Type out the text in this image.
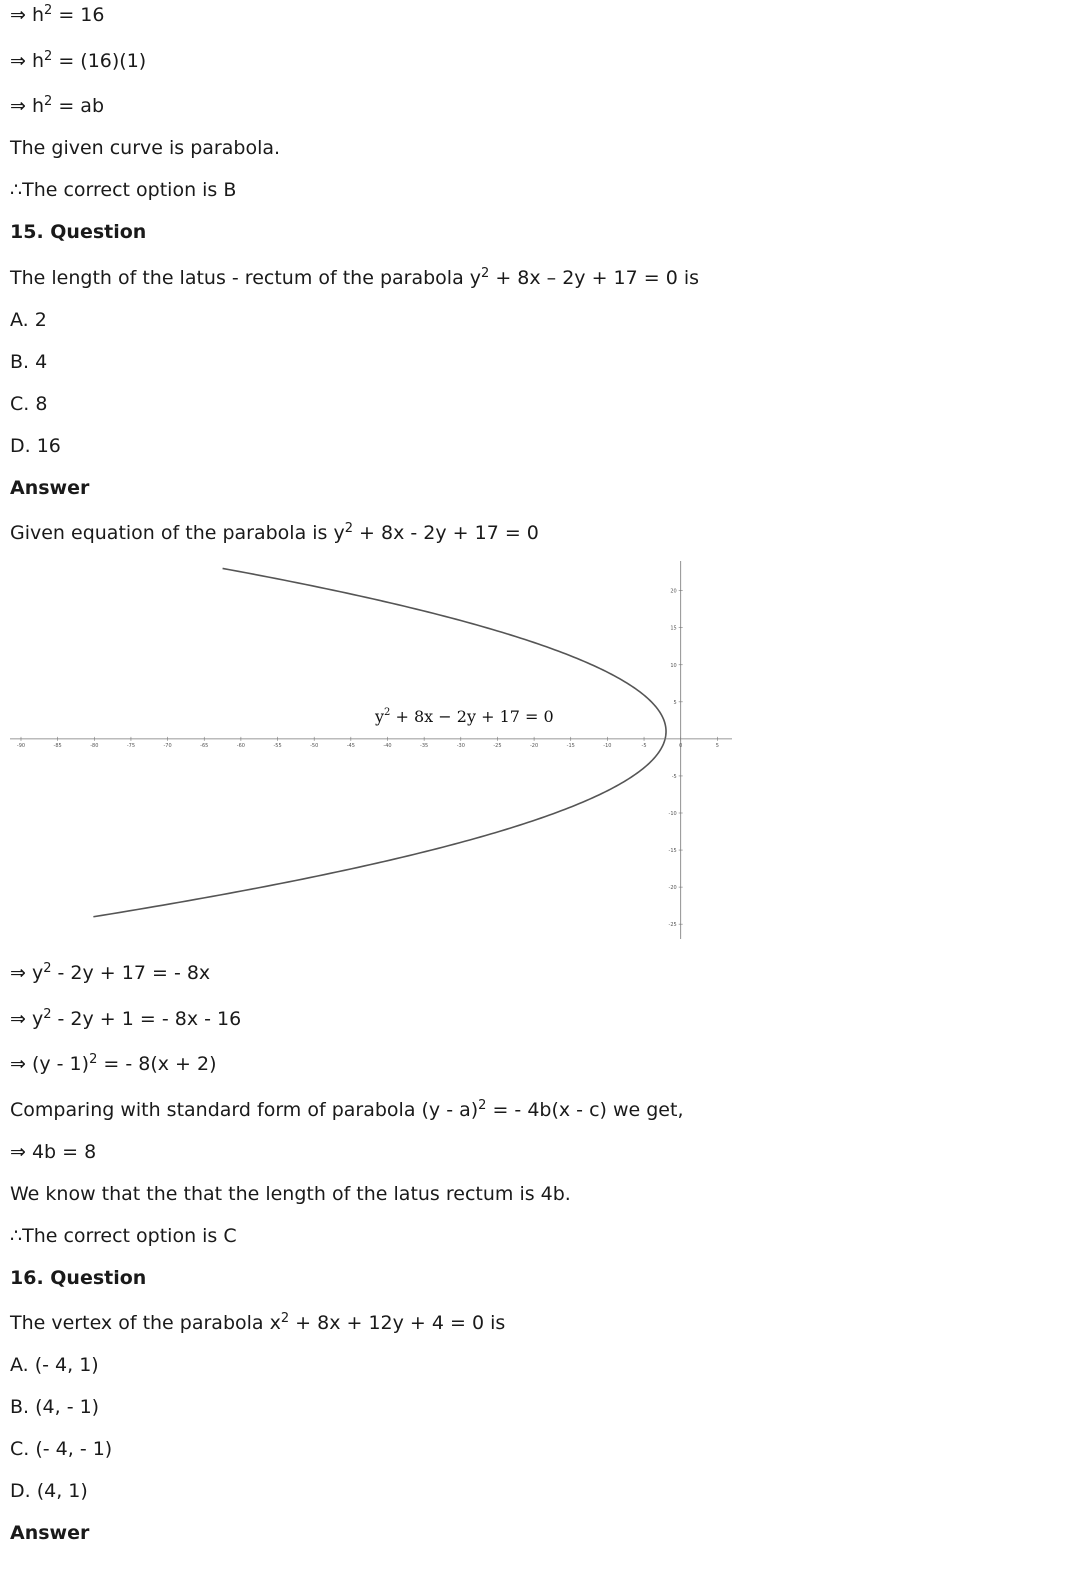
⇒ $h^2 = 16$
⇒ $h^2 = (16)(1)$
⇒ $h^2$ = ab
The given curve is parabola.
∴The correct option is B
15. Question
The length of the latus - rectum of the parabola $y^2 + 8x - 2y + 17 = 0$ is
A. 2
B. 4
C. 8
D. 16
Answer
Given equation of the parabola is $y^2 + 8x - 2y + 17 = 0$
-90	-85	-80	-75	-70	-65	-60	-55	-50	-45	-40	-35	-30	-25	-20	-15	-10	-5	0	5
20
15
10
5
-5
-10
-15
-20
-25
$y^2 + 8x - 2y + 17 = 0$
⇒ $y^2 - 2y + 17$ = - 8x
⇒ $y^2 - 2y + 1$ = - 8x - 16
⇒ (y - 1)$^2$ = - 8(x + 2)
Comparing with standard form of parabola (y - a)$^2$ = - 4b(x - c) we get,
⇒ 4b = 8
We know that the that the length of the latus rectum is 4b.
∴The correct option is C
16. Question
The vertex of the parabola $x^2 + 8x + 12y + 4 = 0$ is
A. (- 4, 1)
B. (4, - 1)
C. (- 4, - 1)
D. (4, 1)
Answer
